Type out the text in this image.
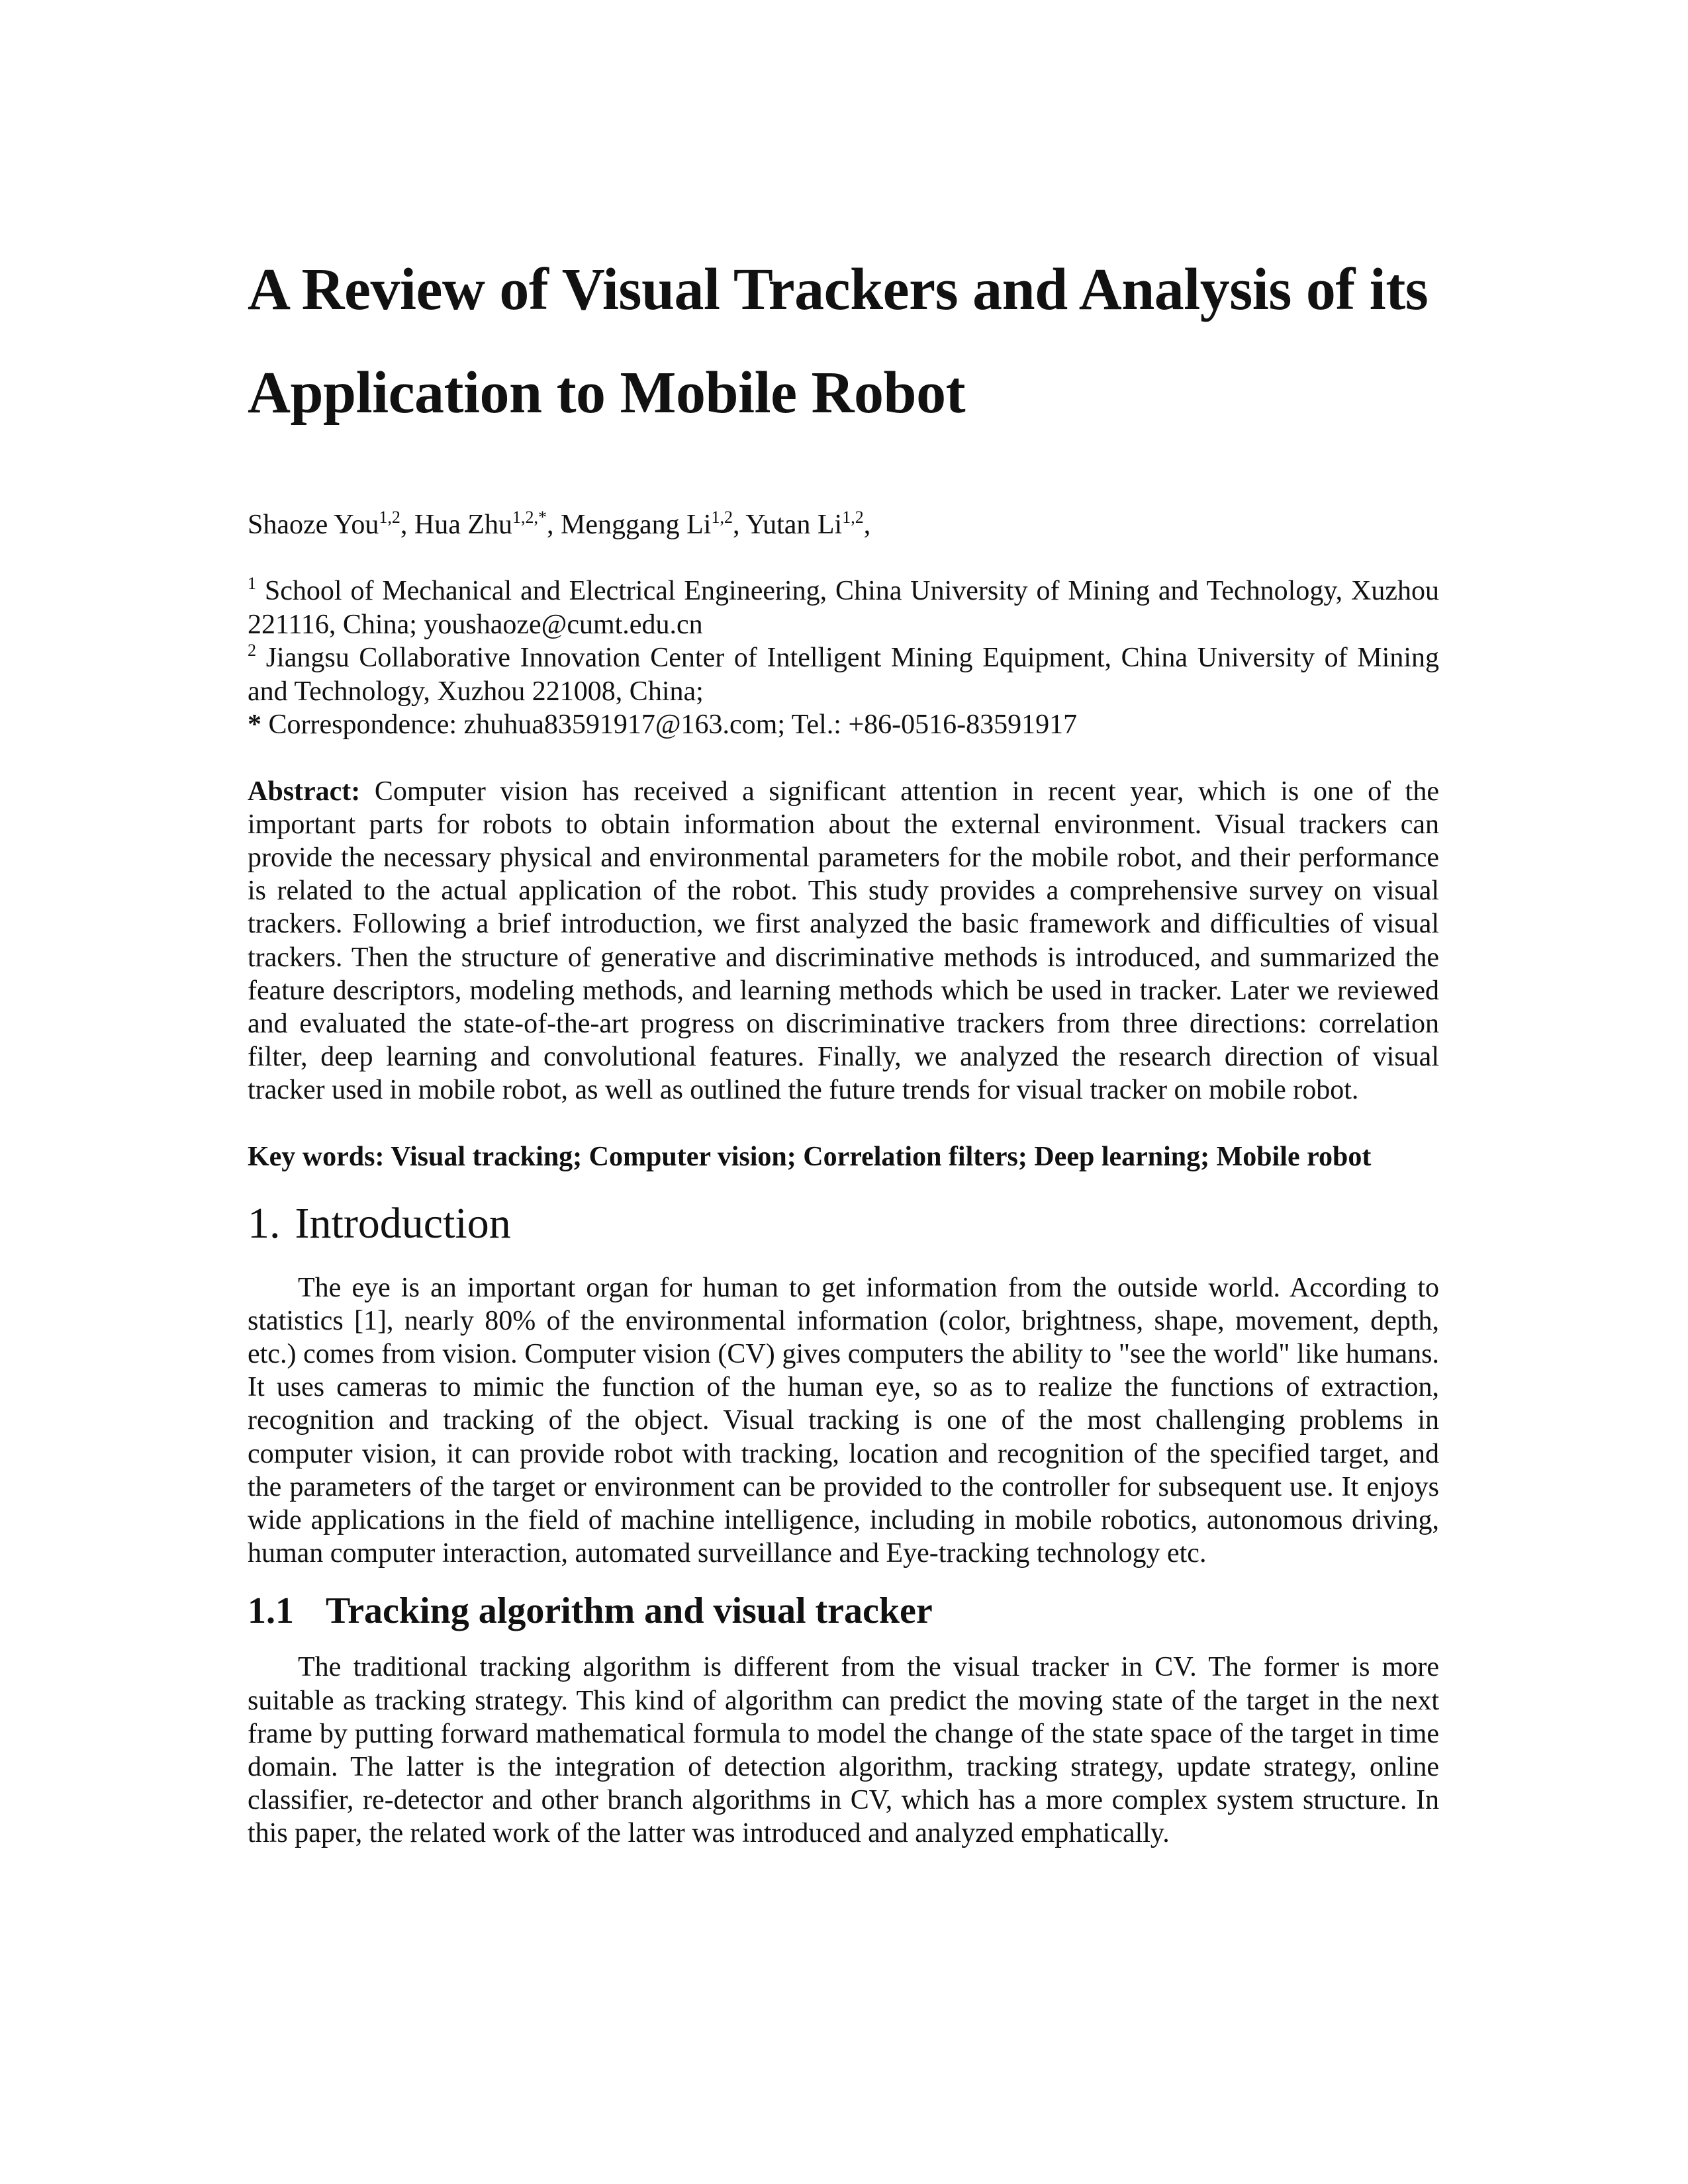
A Review of Visual Trackers and Analysis of its
Application to Mobile Robot
Shaoze You$^{1,2}$, Hua Zhu$^{1,2,*}$, Menggang Li$^{1,2}$, Yutan Li$^{1,2}$,

$^1$ School of Mechanical and Electrical Engineering, China University of Mining and Technology, Xuzhou 221116, China; youshaoze@cumt.edu.cn

$^2$ Jiangsu Collaborative Innovation Center of Intelligent Mining Equipment, China University of Mining and Technology, Xuzhou 221008, China;

* Correspondence: zhuhua83591917@163.com; Tel.: +86-0516-83591917

Abstract: Computer vision has received a significant attention in recent year, which is one of the important parts for robots to obtain information about the external environment. Visual trackers can provide the necessary physical and environmental parameters for the mobile robot, and their performance is related to the actual application of the robot. This study provides a comprehensive survey on visual trackers. Following a brief introduction, we first analyzed the basic framework and difficulties of visual trackers. Then the structure of generative and discriminative methods is introduced, and summarized the feature descriptors, modeling methods, and learning methods which be used in tracker. Later we reviewed and evaluated the state-of-the-art progress on discriminative trackers from three directions: correlation filter, deep learning and convolutional features. Finally, we analyzed the research direction of visual tracker used in mobile robot, as well as outlined the future trends for visual tracker on mobile robot.
Key words: Visual tracking; Computer vision; Correlation filters; Deep learning; Mobile robot
1. Introduction

The eye is an important organ for human to get information from the outside world. According to statistics [1], nearly 80% of the environmental information (color, brightness, shape, movement, depth, etc.) comes from vision. Computer vision (CV) gives computers the ability to "see the world" like humans. It uses cameras to mimic the function of the human eye, so as to realize the functions of extraction, recognition and tracking of the object. Visual tracking is one of the most challenging problems in computer vision, it can provide robot with tracking, location and recognition of the specified target, and the parameters of the target or environment can be provided to the controller for subsequent use. It enjoys wide applications in the field of machine intelligence, including in mobile robotics, autonomous driving, human computer interaction, automated surveillance and Eye-tracking technology etc.

1.1 Tracking algorithm and visual tracker

The traditional tracking algorithm is different from the visual tracker in CV. The former is more suitable as tracking strategy. This kind of algorithm can predict the moving state of the target in the next frame by putting forward mathematical formula to model the change of the state space of the target in time domain. The latter is the integration of detection algorithm, tracking strategy, update strategy, online classifier, re-detector and other branch algorithms in CV, which has a more complex system structure. In this paper, the related work of the latter was introduced and analyzed emphatically.
